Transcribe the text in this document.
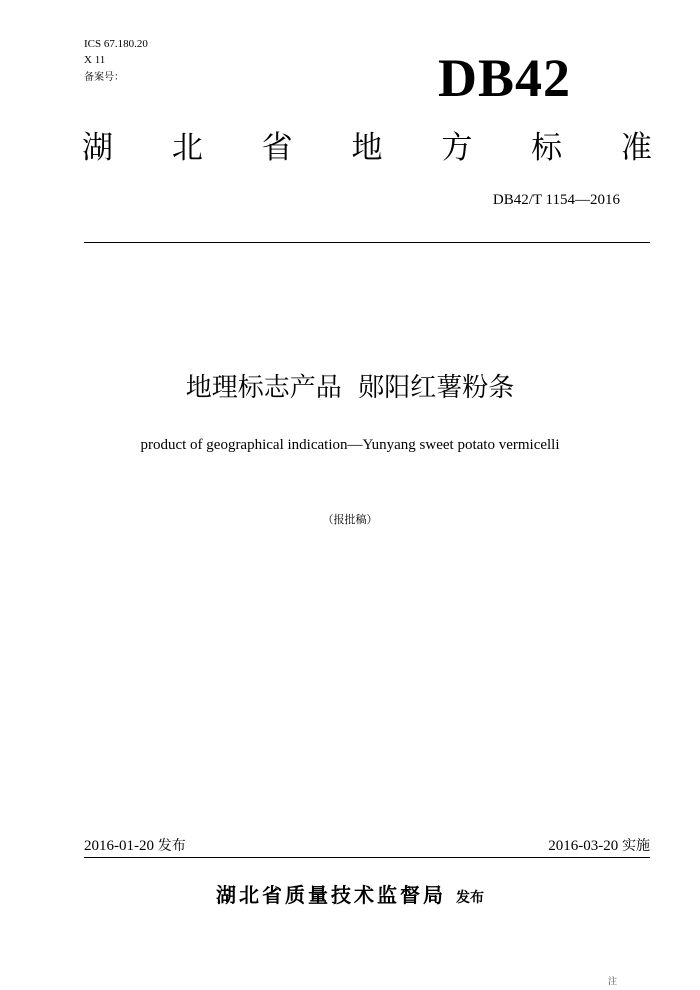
ICS 67.180.20
X 11
备案号：	DB42
湖 北 省 地 方 标 准
DB42/T 1154—2016
地理标志产品  郧阳红薯粉条
product of geographical indication—Yunyang sweet potato vermicelli
（报批稿）
2016-01-20 发布	2016-03-20 实施
湖北省质量技术监督局 发布
注
